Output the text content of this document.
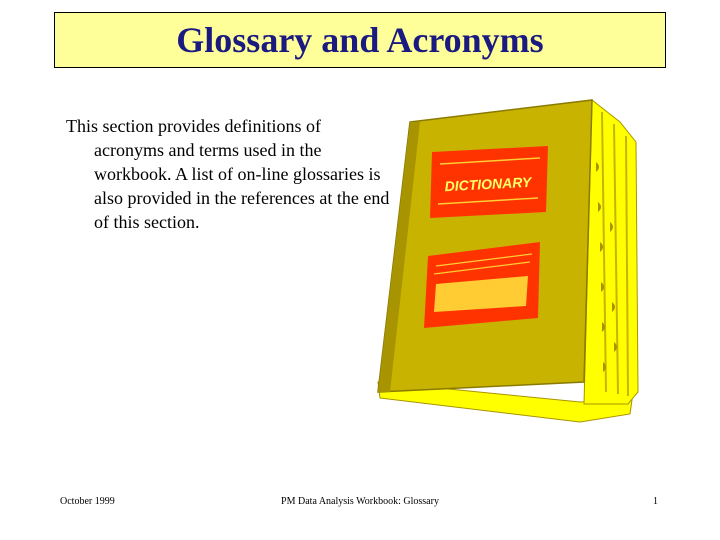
Glossary and Acronyms

This section provides definitions of acronyms and terms used in the workbook. A list of on-line glossaries is also provided in the references at the end of this section.

DICTIONARY
October 1999	PM Data Analysis Workbook: Glossary	1
